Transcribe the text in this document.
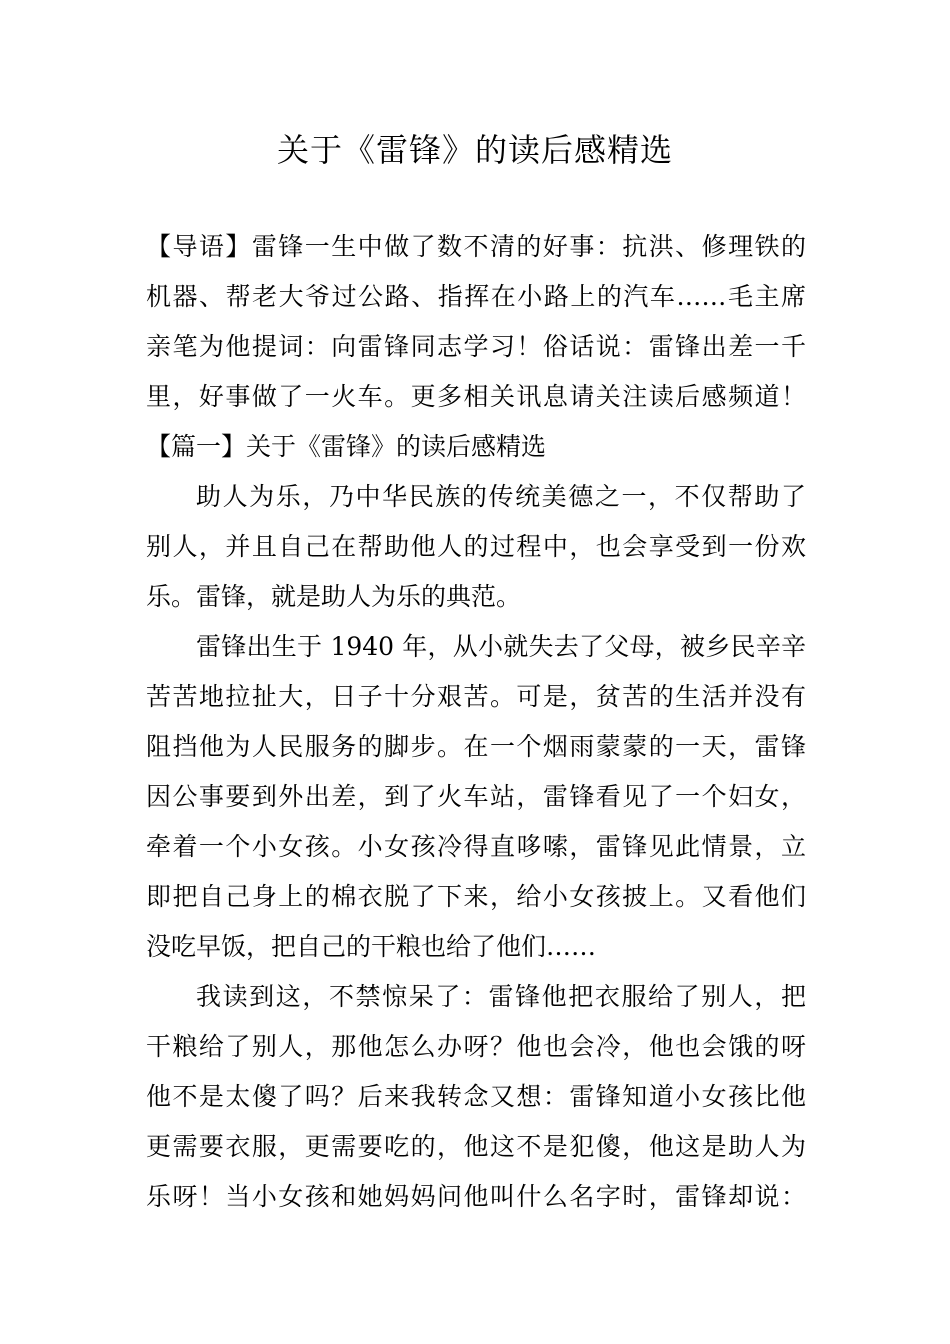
关于《雷锋》的读后感精选

【导语】雷锋一生中做了数不清的好事：抗洪、修理铁的

机器、帮老大爷过公路、指挥在小路上的汽车……毛主席

亲笔为他提词：向雷锋同志学习！俗话说：雷锋出差一千

里，好事做了一火车。更多相关讯息请关注读后感频道！

【篇一】关于《雷锋》的读后感精选

助人为乐，乃中华民族的传统美德之一，不仅帮助了

别人，并且自己在帮助他人的过程中，也会享受到一份欢

乐。雷锋，就是助人为乐的典范。

雷锋出生于 1940 年，从小就失去了父母，被乡民辛辛

苦苦地拉扯大，日子十分艰苦。可是，贫苦的生活并没有

阻挡他为人民服务的脚步。在一个烟雨蒙蒙的一天，雷锋

因公事要到外出差，到了火车站，雷锋看见了一个妇女，

牵着一个小女孩。小女孩冷得直哆嗦，雷锋见此情景，立

即把自己身上的棉衣脱了下来，给小女孩披上。又看他们

没吃早饭，把自己的干粮也给了他们……

我读到这，不禁惊呆了：雷锋他把衣服给了别人，把

干粮给了别人，那他怎么办呀？他也会冷，他也会饿的呀

他不是太傻了吗？后来我转念又想：雷锋知道小女孩比他

更需要衣服，更需要吃的，他这不是犯傻，他这是助人为

乐呀！当小女孩和她妈妈问他叫什么名字时，雷锋却说：
